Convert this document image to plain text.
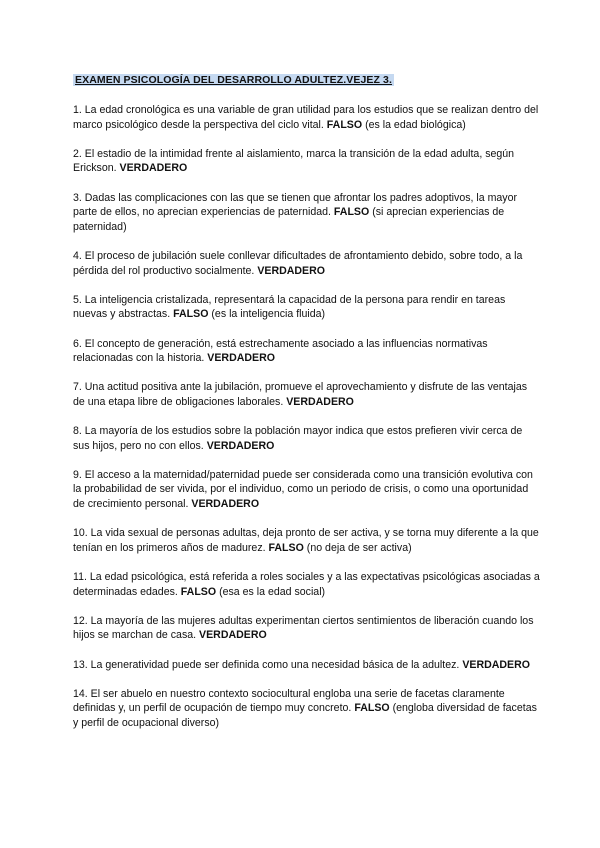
EXAMEN PSICOLOGÍA DEL DESARROLLO ADULTEZ.VEJEZ 3.

1. La edad cronológica es una variable de gran utilidad para los estudios que se realizan dentro del marco psicológico desde la perspectiva del ciclo vital. FALSO (es la edad biológica)

2. El estadio de la intimidad frente al aislamiento, marca la transición de la edad adulta, según Erickson. VERDADERO

3. Dadas las complicaciones con las que se tienen que afrontar los padres adoptivos, la mayor parte de ellos, no aprecian experiencias de paternidad. FALSO (si aprecian experiencias de paternidad)

4. El proceso de jubilación suele conllevar dificultades de afrontamiento debido, sobre todo, a la pérdida del rol productivo socialmente. VERDADERO

5. La inteligencia cristalizada, representará la capacidad de la persona para rendir en tareas nuevas y abstractas. FALSO (es la inteligencia fluida)

6. El concepto de generación, está estrechamente asociado a las influencias normativas relacionadas con la historia. VERDADERO

7. Una actitud positiva ante la jubilación, promueve el aprovechamiento y disfrute de las ventajas de una etapa libre de obligaciones laborales. VERDADERO

8. La mayoría de los estudios sobre la población mayor indica que estos prefieren vivir cerca de sus hijos, pero no con ellos. VERDADERO

9. El acceso a la maternidad/paternidad puede ser considerada como una transición evolutiva con la probabilidad de ser vivida, por el individuo, como un periodo de crisis, o como una oportunidad de crecimiento personal. VERDADERO

10. La vida sexual de personas adultas, deja pronto de ser activa, y se torna muy diferente a la que tenían en los primeros años de madurez. FALSO (no deja de ser activa)

11. La edad psicológica, está referida a roles sociales y a las expectativas psicológicas asociadas a determinadas edades. FALSO (esa es la edad social)

12. La mayoría de las mujeres adultas experimentan ciertos sentimientos de liberación cuando los hijos se marchan de casa. VERDADERO

13. La generatividad puede ser definida como una necesidad básica de la adultez. VERDADERO

14. El ser abuelo en nuestro contexto sociocultural engloba una serie de facetas claramente definidas y, un perfil de ocupación de tiempo muy concreto. FALSO (engloba diversidad de facetas y perfil de ocupacional diverso)
